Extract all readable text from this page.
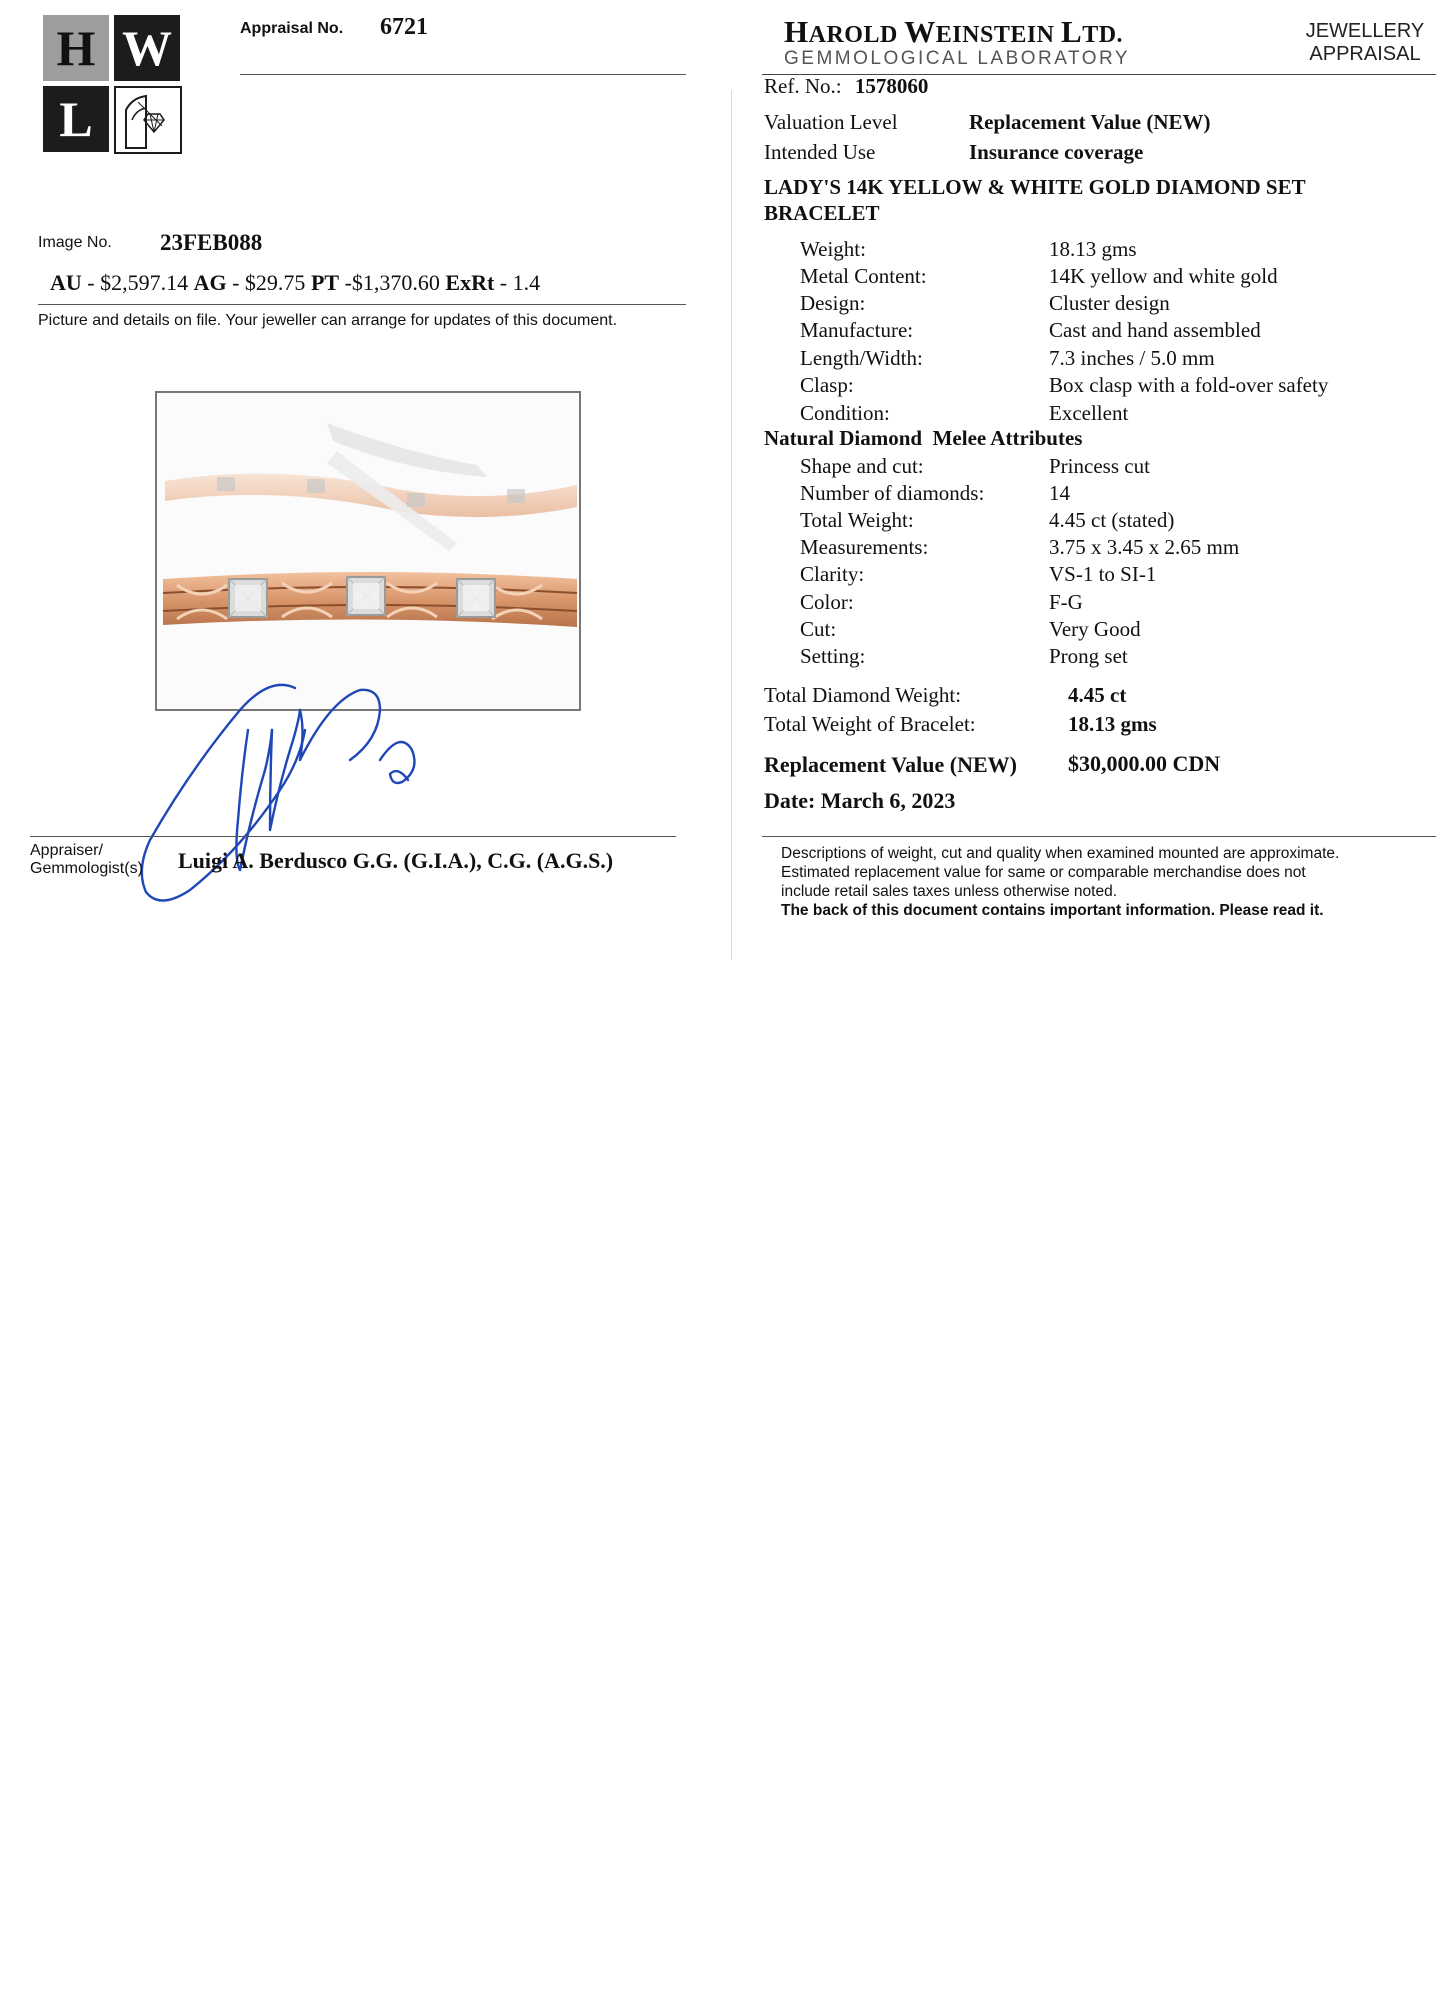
H W
L
Appraisal No. 6721
Image No. 23FEB088
AU - $2,597.14 AG - $29.75 PT -$1,370.60 ExRt - 1.4
Picture and details on file. Your jeweller can arrange for updates of this document.
Appraiser/
Gemmologist(s) Luigi A. Berdusco G.G. (G.I.A.), C.G. (A.G.S.)
HAROLD WEINSTEIN LTD.
GEMMOLOGICAL LABORATORY
JEWELLERY
APPRAISAL
Ref. No.: 1578060
Valuation Level	Replacement Value (NEW)
Intended Use	Insurance coverage
LADY'S 14K YELLOW & WHITE GOLD DIAMOND SET
BRACELET
Weight:	18.13 gms
Metal Content:	14K yellow and white gold
Design:	Cluster design
Manufacture:	Cast and hand assembled
Length/Width:	7.3 inches / 5.0 mm
Clasp:	Box clasp with a fold-over safety
Condition:	Excellent
Natural Diamond  Melee Attributes
Shape and cut:	Princess cut
Number of diamonds:	14
Total Weight:	4.45 ct (stated)
Measurements:	3.75 x 3.45 x 2.65 mm
Clarity:	VS-1 to SI-1
Color:	F-G
Cut:	Very Good
Setting:	Prong set
Total Diamond Weight:	4.45 ct
Total Weight of Bracelet:	18.13 gms
Replacement Value (NEW) $30,000.00 CDN
Date: March 6, 2023
Descriptions of weight, cut and quality when examined mounted are approximate.
Estimated replacement value for same or comparable merchandise does not
include retail sales taxes unless otherwise noted.
The back of this document contains important information. Please read it.
